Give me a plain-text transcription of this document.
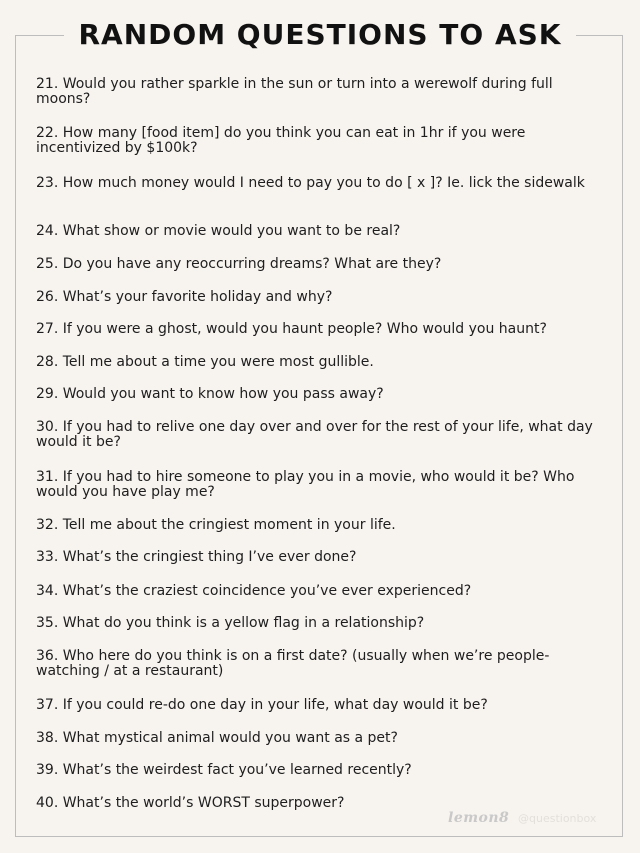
RANDOM QUESTIONS TO ASK
21. Would you rather sparkle in the sun or turn into a werewolf during full moons?
22. How many [food item] do you think you can eat in 1hr if you were incentivized by $100k?
23. How much money would I need to pay you to do [ x ]? Ie. lick the sidewalk
24. What show or movie would you want to be real?
25. Do you have any reoccurring dreams? What are they?
26. What’s your favorite holiday and why?
27. If you were a ghost, would you haunt people? Who would you haunt?
28. Tell me about a time you were most gullible.
29. Would you want to know how you pass away?
30. If you had to relive one day over and over for the rest of your life, what day would it be?
31. If you had to hire someone to play you in a movie, who would it be? Who would you have play me?
32. Tell me about the cringiest moment in your life.
33. What’s the cringiest thing I’ve ever done?
34. What’s the craziest coincidence you’ve ever experienced?
35. What do you think is a yellow flag in a relationship?
36. Who here do you think is on a first date? (usually when we’re people-watching / at a restaurant)
37. If you could re-do one day in your life, what day would it be?
38. What mystical animal would you want as a pet?
39. What’s the weirdest fact you’ve learned recently?
40. What’s the world’s WORST superpower?
lemon8 @questionbox
